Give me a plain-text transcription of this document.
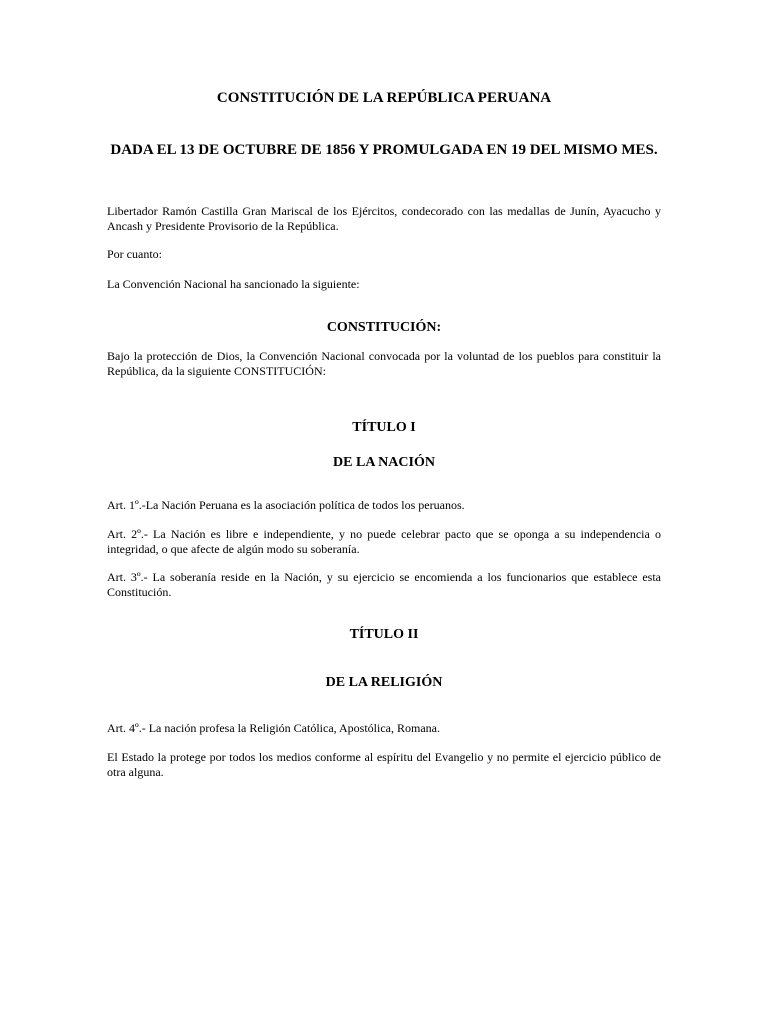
CONSTITUCIÓN DE LA REPÚBLICA PERUANA
DADA EL 13 DE OCTUBRE DE 1856 Y PROMULGADA EN 19 DEL MISMO MES.

Libertador Ramón Castilla Gran Mariscal de los Ejércitos, condecorado con las medallas de Junín, Ayacucho y Ancash y Presidente Provisorio de la República.

Por cuanto:

La Convención Nacional ha sancionado la siguiente:

CONSTITUCIÓN:

Bajo la protección de Dios, la Convención Nacional convocada por la voluntad de los pueblos para constituir la República, da la siguiente CONSTITUCIÓN:

TÍTULO I
DE LA NACIÓN

Art. 1º.-La Nación Peruana es la asociación política de todos los peruanos.

Art. 2º.- La Nación es libre e independiente, y no puede celebrar pacto que se oponga a su independencia o integridad, o que afecte de algún modo su soberanía.

Art. 3º.- La soberanía reside en la Nación, y su ejercicio se encomienda a los funcionarios que establece esta Constitución.

TÍTULO II
DE LA RELIGIÓN

Art. 4º.- La nación profesa la Religión Católica, Apostólica, Romana.

El Estado la protege por todos los medios conforme al espíritu del Evangelio y no permite el ejercicio público de otra alguna.
